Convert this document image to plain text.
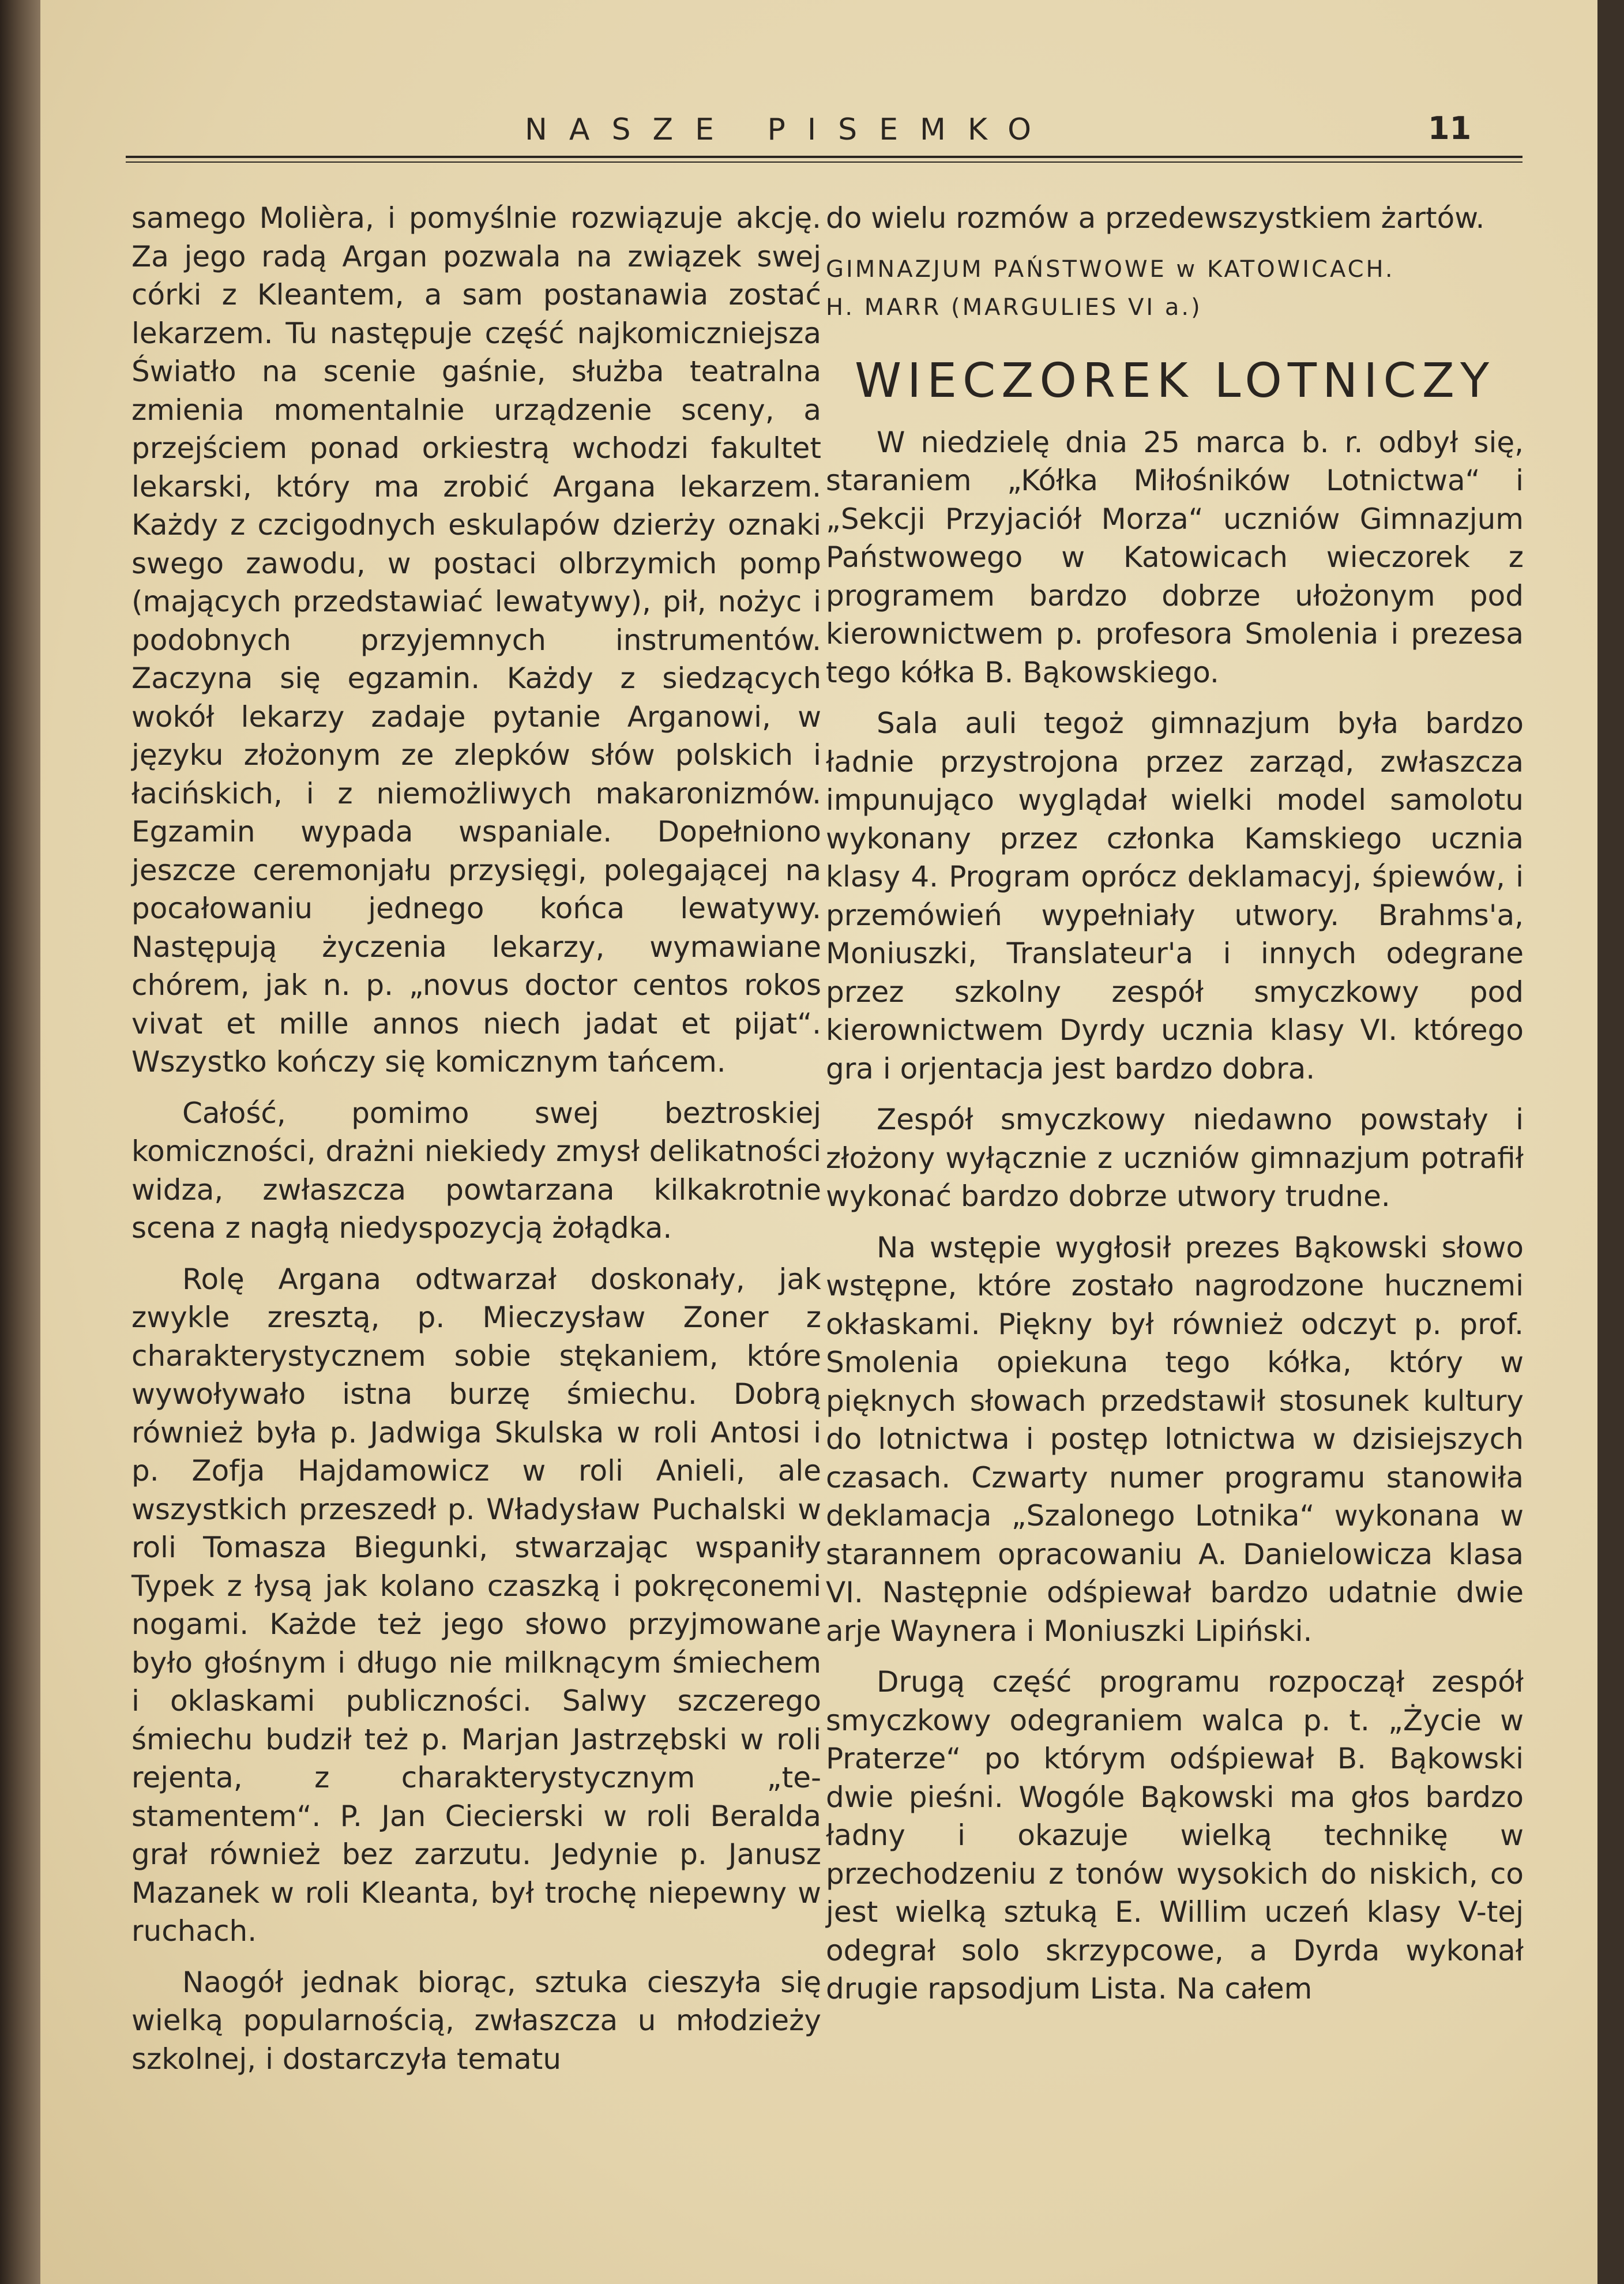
NASZE PISEMKO	11

samego Molièra, i pomyślnie rozwiązuje akcję. Za jego radą Argan pozwala na związek swej córki z Kleantem, a sam postanawia zostać lekarzem. Tu następuje część najkomiczniejsza Światło na scenie gaśnie, służba teatralna zmienia momentalnie urządzenie sceny, a przejściem ponad orkiestrą wchodzi fakultet lekarski, który ma zrobić Argana lekarzem. Każdy z czcigodnych eskulapów dzierży oznaki swego zawodu, w postaci olbrzymich pomp (mających przedstawiać lewatywy), pił, nożyc i podobnych przyjemnych instrumentów. Zaczyna się egzamin. Każdy z siedzących wokół lekarzy zadaje pytanie Arganowi, w języku złożonym ze zlepków słów polskich i łacińskich, i z niemożliwych makaronizmów. Egzamin wypada wspaniale. Dopełniono jeszcze ceremonjału przysięgi, polegającej na pocałowaniu jednego końca lewatywy. Następują życzenia lekarzy, wymawiane chórem, jak n. p. „novus doctor centos rokos vivat et mille annos niech jadat et pijat“. Wszystko kończy się komicznym tańcem.

Całość, pomimo swej beztroskiej komiczności, drażni niekiedy zmysł delikatności widza, zwłaszcza powtarzana kilkakrotnie scena z nagłą niedyspozycją żołądka.

Rolę Argana odtwarzał doskonały, jak zwykle zresztą, p. Mieczysław Zoner z charakterystycznem sobie stękaniem, które wywoływało istna burzę śmiechu. Dobrą również była p. Jadwiga Skulska w roli Antosi i p. Zofja Hajdamowicz w roli Anieli, ale wszystkich przeszedł p. Władysław Puchalski w roli Tomasza Biegunki, stwarzając wspaniły Typek z łysą jak kolano czaszką i pokręconemi nogami. Każde też jego słowo przyjmowane było głośnym i długo nie milknącym śmiechem i oklaskami publiczności. Salwy szczerego śmiechu budził też p. Marjan Jastrzębski w roli rejenta, z charakterystycznym „te-stamentem“. P. Jan Ciecierski w roli Beralda grał również bez zarzutu. Jedynie p. Janusz Mazanek w roli Kleanta, był trochę niepewny w ruchach.

Naogół jednak biorąc, sztuka cieszyła się wielką popularnością, zwłaszcza u młodzieży szkolnej, i dostarczyła tematu

do wielu rozmów a przedewszystkiem żartów.

GIMNAZJUM PAŃSTWOWE w KATOWICACH.

H. MARR (MARGULIES VI a.)

WIECZOREK LOTNICZY

W niedzielę dnia 25 marca b. r. odbył się, staraniem „Kółka Miłośników Lotnictwa“ i „Sekcji Przyjaciół Morza“ uczniów Gimnazjum Państwowego w Katowicach wieczorek z programem bardzo dobrze ułożonym pod kierownictwem p. profesora Smolenia i prezesa tego kółka B. Bąkowskiego.

Sala auli tegoż gimnazjum była bardzo ładnie przystrojona przez zarząd, zwłaszcza impunująco wyglądał wielki model samolotu wykonany przez członka Kamskiego ucznia klasy 4. Program oprócz deklamacyj, śpiewów, i przemówień wypełniały utwory. Brahms'a, Moniuszki, Translateur'a i innych odegrane przez szkolny zespół smyczkowy pod kierownictwem Dyrdy ucznia klasy VI. którego gra i orjentacja jest bardzo dobra.

Zespół smyczkowy niedawno powstały i złożony wyłącznie z uczniów gimnazjum potrafił wykonać bardzo dobrze utwory trudne.

Na wstępie wygłosił prezes Bąkowski słowo wstępne, które zostało nagrodzone hucznemi okłaskami. Piękny był również odczyt p. prof. Smolenia opiekuna tego kółka, który w pięknych słowach przedstawił stosunek kultury do lotnictwa i postęp lotnictwa w dzisiejszych czasach. Czwarty numer programu stanowiła deklamacja „Szalonego Lotnika“ wykonana w starannem opracowaniu A. Danielowicza klasa VI. Następnie odśpiewał bardzo udatnie dwie arje Waynera i Moniuszki Lipiński.

Drugą część programu rozpoczął zespół smyczkowy odegraniem walca p. t. „Życie w Praterze“ po którym odśpiewał B. Bąkowski dwie pieśni. Wogóle Bąkowski ma głos bardzo ładny i okazuje wielką technikę w przechodzeniu z tonów wysokich do niskich, co jest wielką sztuką E. Willim uczeń klasy V-tej odegrał solo skrzypcowe, a Dyrda wykonał drugie rapsodjum Lista. Na całem
